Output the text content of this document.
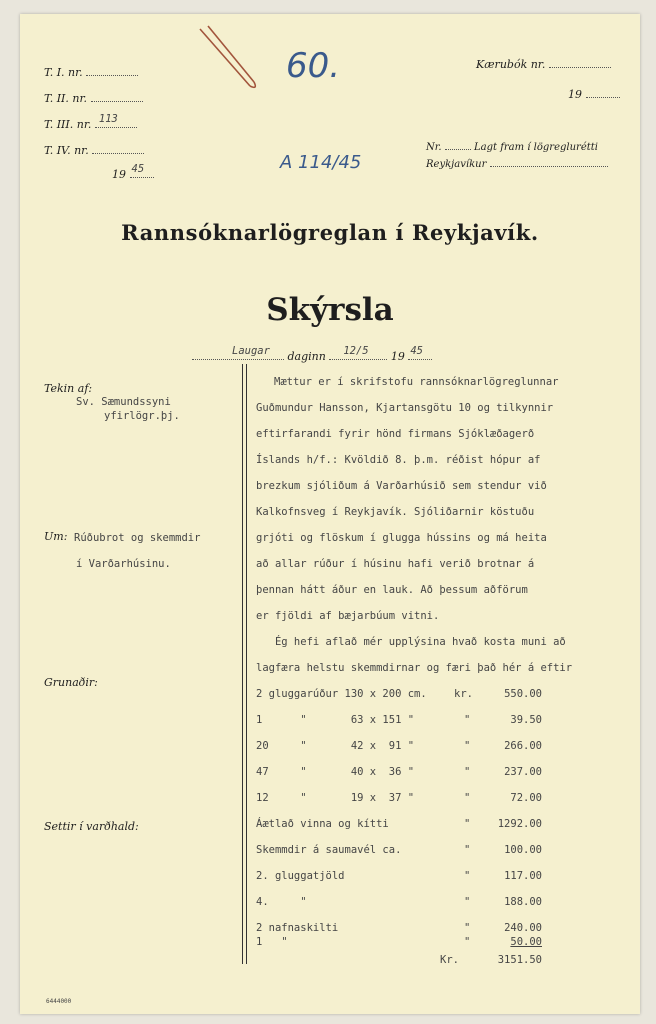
T. I. nr.
T. II. nr.
T. III. nr. 113
T. IV. nr.
19 45
Kærubók nr.
19
Nr.	Lagt fram í lögreglurétti
Reykjavíkur
60.
A 114/45
Rannsóknarlögreglan í Reykjavík.
Skýrsla
Laugar daginn 12/5 19 45
Tekin af:
Sv. Sæmundssyni
yfirlögr.þj.
Um: Rúðubrot og skemmdir
í Varðarhúsinu.
Grunaðir:
Settir í varðhald:
Mættur er í skrifstofu rannsóknarlögreglunnar
Guðmundur Hansson, Kjartansgötu 10 og tilkynnir
eftirfarandi fyrir hönd firmans Sjóklæðagerð
Íslands h/f.: Kvöldið 8. þ.m. réðist hópur af
brezkum sjóliðum á Varðarhúsið sem stendur við
Kalkofnsveg í Reykjavík. Sjóliðarnir köstuðu
grjóti og flöskum í glugga hússins og má heita
að allar rúður í húsinu hafi verið brotnar á
þennan hátt áður en lauk. Að þessum aðförum
er fjöldi af bæjarbúum vitni.
Ég hefi aflað mér upplýsina hvað kosta muni að
lagfæra helstu skemmdirnar og færi það hér á eftir
2 gluggarúður 130 x 200 cm.	kr.	550.00
1      "       63 x 151 "	"	39.50
20     "       42 x  91 "	"	266.00
47     "       40 x  36 "	"	237.00
12     "       19 x  37 "	"	72.00
Áætlað vinna og kítti	"	1292.00
Skemmdir á saumavél ca.	"	100.00
2. gluggatjöld	"	117.00
4.     "	"	188.00
2 nafnaskilti	"	240.00
1   "	"	50.00
Kr.	3151.50
6444000
